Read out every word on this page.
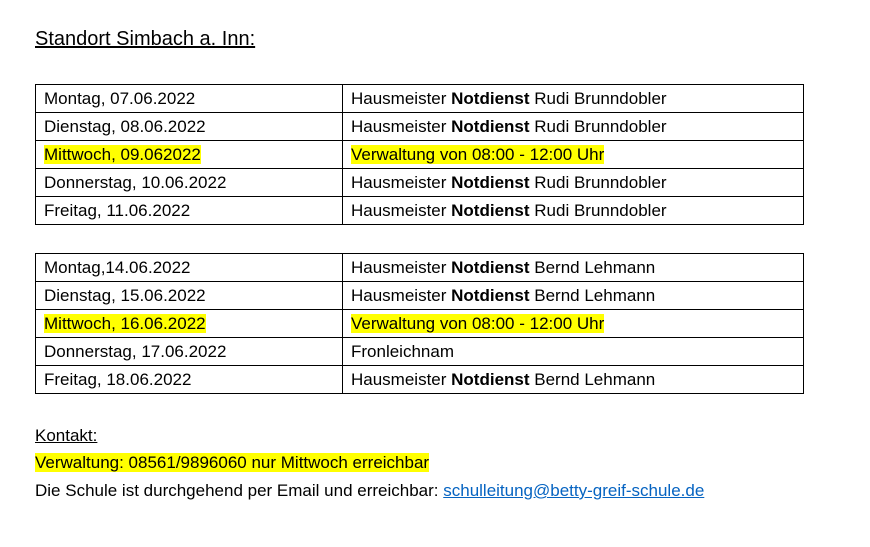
Standort Simbach a. Inn:
Montag, 07.06.2022	Hausmeister Notdienst Rudi Brunndobler
Dienstag, 08.06.2022	Hausmeister Notdienst Rudi Brunndobler
Mittwoch, 09.062022	Verwaltung von 08:00 - 12:00 Uhr
Donnerstag, 10.06.2022	Hausmeister Notdienst Rudi Brunndobler
Freitag, 11.06.2022	Hausmeister Notdienst Rudi Brunndobler
Montag,14.06.2022	Hausmeister Notdienst Bernd Lehmann
Dienstag, 15.06.2022	Hausmeister Notdienst Bernd Lehmann
Mittwoch, 16.06.2022	Verwaltung von 08:00 - 12:00 Uhr
Donnerstag, 17.06.2022	Fronleichnam
Freitag, 18.06.2022	Hausmeister Notdienst Bernd Lehmann
Kontakt:
Verwaltung: 08561/9896060 nur Mittwoch erreichbar
Die Schule ist durchgehend per Email und erreichbar: schulleitung@betty-greif-schule.de
